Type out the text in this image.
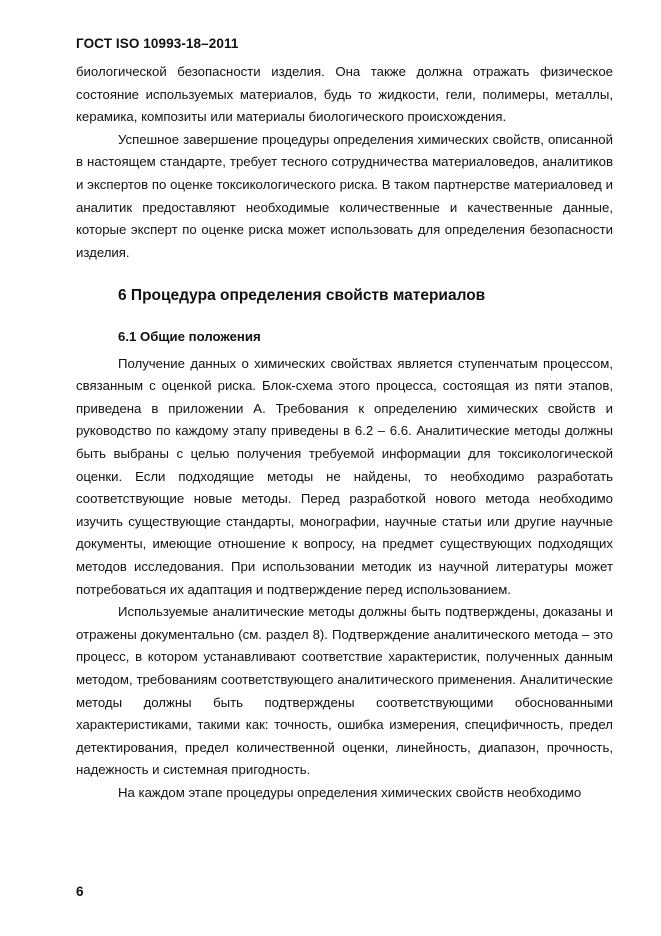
ГОСТ ISO 10993-18–2011

биологической безопасности изделия. Она также должна отражать физическое состояние используемых материалов, будь то жидкости, гели, полимеры, металлы, керамика, композиты или материалы биологического происхождения.

Успешное завершение процедуры определения химических свойств, описанной в настоящем стандарте, требует тесного сотрудничества материаловедов, аналитиков и экспертов по оценке токсикологического риска. В таком партнерстве материаловед и аналитик предоставляют необходимые количественные и качественные данные, которые эксперт по оценке риска может использовать для определения безопасности изделия.

6 Процедура определения свойств материалов

6.1 Общие положения

Получение данных о химических свойствах является ступенчатым процессом, связанным с оценкой риска. Блок-схема этого процесса, состоящая из пяти этапов, приведена в приложении А. Требования к определению химических свойств и руководство по каждому этапу приведены в 6.2 – 6.6. Аналитические методы должны быть выбраны с целью получения требуемой информации для токсикологической оценки. Если подходящие методы не найдены, то необходимо разработать соответствующие новые методы. Перед разработкой нового метода необходимо изучить существующие стандарты, монографии, научные статьи или другие научные документы, имеющие отношение к вопросу, на предмет существующих подходящих методов исследования. При использовании методик из научной литературы может потребоваться их адаптация и подтверждение перед использованием.

Используемые аналитические методы должны быть подтверждены, доказаны и отражены документально (см. раздел 8). Подтверждение аналитического метода – это процесс, в котором устанавливают соответствие характеристик, полученных данным методом, требованиям соответствующего аналитического применения. Аналитические методы должны быть подтверждены соответствующими обоснованными характеристиками, такими как: точность, ошибка измерения, специфичность, предел детектирования, предел количественной оценки, линейность, диапазон, прочность, надежность и системная пригодность.

На каждом этапе процедуры определения химических свойств необходимо

6
